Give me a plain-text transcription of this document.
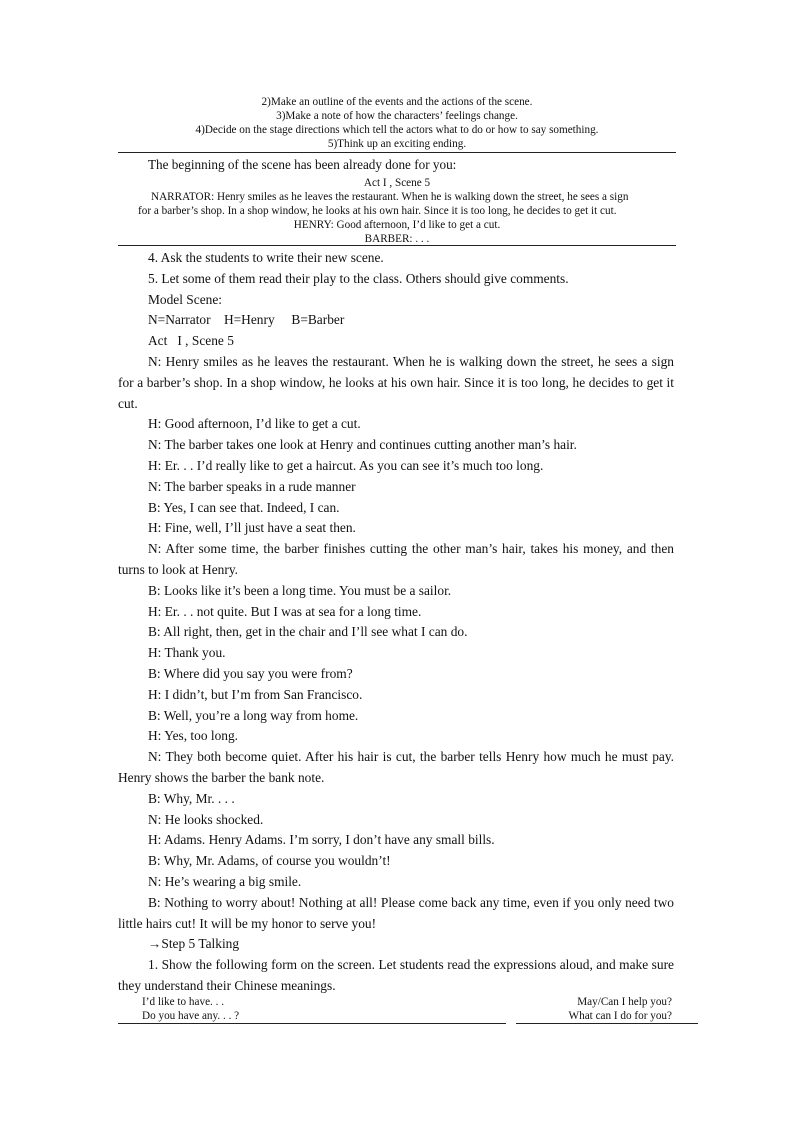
2)Make an outline of the events and the actions of the scene.
3)Make a note of how the characters’ feelings change.
4)Decide on the stage directions which tell the actors what to do or how to say something.
5)Think up an exciting ending.
The beginning of the scene has been already done for you:
Act I , Scene 5
NARRATOR: Henry smiles as he leaves the restaurant. When he is walking down the street, he sees a sign
for a barber’s shop. In a shop window, he looks at his own hair. Since it is too long, he decides to get it cut.
HENRY: Good afternoon, I’d like to get a cut.
BARBER: . . .

4. Ask the students to write their new scene.

5. Let some of them read their play to the class. Others should give comments.

Model Scene:

N=Narrator    H=Henry     B=Barber

Act   I , Scene 5

N: Henry smiles as he leaves the restaurant. When he is walking down the street, he sees a sign for a barber’s shop. In a shop window, he looks at his own hair. Since it is too long, he decides to get it cut.

H: Good afternoon, I’d like to get a cut.

N: The barber takes one look at Henry and continues cutting another man’s hair.

H: Er. . . I’d really like to get a haircut. As you can see it’s much too long.

N: The barber speaks in a rude manner

B: Yes, I can see that. Indeed, I can.

H: Fine, well, I’ll just have a seat then.

N: After some time, the barber finishes cutting the other man’s hair, takes his money, and then turns to look at Henry.

B: Looks like it’s been a long time. You must be a sailor.

H: Er. . . not quite. But I was at sea for a long time.

B: All right, then, get in the chair and I’ll see what I can do.

H: Thank you.

B: Where did you say you were from?

H: I didn’t, but I’m from San Francisco.

B: Well, you’re a long way from home.

H: Yes, too long.

N: They both become quiet. After his hair is cut, the barber tells Henry how much he must pay. Henry shows the barber the bank note.

B: Why, Mr. . . .

N: He looks shocked.

H: Adams. Henry Adams. I’m sorry, I don’t have any small bills.

B: Why, Mr. Adams, of course you wouldn’t!

N: He’s wearing a big smile.

B: Nothing to worry about! Nothing at all! Please come back any time, even if you only need two little hairs cut! It will be my honor to serve you!

→Step 5 Talking

1. Show the following form on the screen. Let students read the expressions aloud, and make sure they understand their Chinese meanings.

I’d like to have. . .
Do you have any. . . ?
May/Can I help you?
What can I do for you?
